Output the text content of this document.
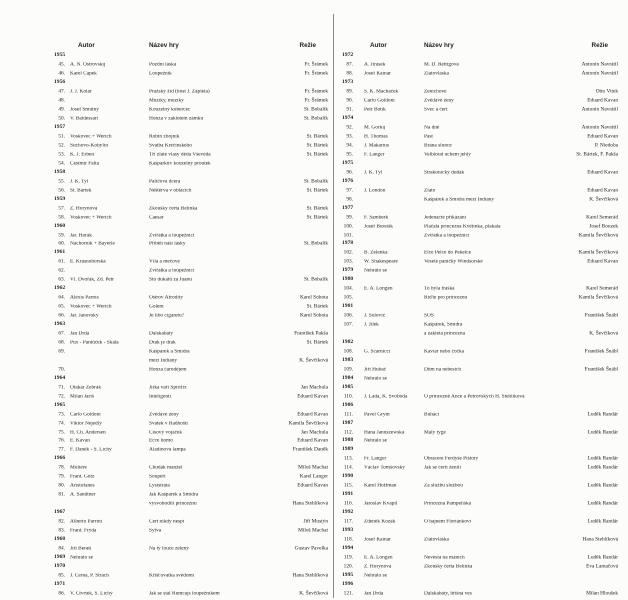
Autor	Název hry	Režie
1955
45. A. N. Ostrovskij	Pozdní láska	Fr. Šrámek
46. Karel Čapek	Loupežník	Fr. Šrámek
1956
47. J. J. Kolár	Pražský žid (host J. Zápleta)	Fr. Šrámek
48.	Muzikу, muziky	Fr. Šrámek
49. Josef Smutný	Kouzelný kobercec	St. Bobalík
50. V. Baldessari	Honza v zakletém zámku	St. Bobalík
1957
51. Voskovec + Werich	Robin zbojník	St. Bártek
52. Suchovo-Kobylin	Svatba Krečinského	St. Bártek
53. K. J. Erben	Tři zlaté vlasy děda Vševěda	St. Bártek
54. Čestmír Falta	Kašpárkův kouzelný proutek
1958
55. J. K. Tyl	Paličova dcera	St. Bobalík
56. St. Bártek	Něštěrva v oblacích	St. Bártek
1959
57. Z. Horynová	Zkoušky čerta Belínka	St. Bártek
58. Voskovec + Werich	Caesar	St. Bártek
1960
59. Jar. Horák	Zvířátka a loupežníci
60. Náchorník + Bayerle	Příběh naší lásky	St. Bobalík
1961
61. E. Krásnohorská	Víla a mečové
62.	Zvířátka a loupežníci
63. Vl. Dvořák, Zd. Petr	Sto dukátů za Juanu	St. Bobalík
1962
64. Alexis Parnis	Ostrov Afrodity	Karel Sobota
65. Voskovec + Werich	Golem	St. Bártek
66. Jar. Janovský	Je libo cigaretu?	Karel Sobota
1963
67. Jan Drda	Dalskabáty	František Pakša
68. Pux - Pantůček - Skála	Drak je drak	St. Bártek
69.	Kašpárek a Šmidra
mezi Indiány	K. Ševčíková
70.	Honza čarodějem
1964
71. Otakar Žebrák	Jirka vaří Špirifix	Jan Machula
72. Milan Jariš	Inteligenti	Eduard Kavan
1965
73. Carlo Goldoni	Zvědavé ženy	Eduard Kavan
74. Viktor Nejedlý	Svatek v Radhošti	Kamila Ševčíková
75. H. Ch. Andersen	Císový vojáček	Jan Machula
76. E. Kavan	Ecce homo	Eduard Kavan
77. F. Daněk - S. Lichý	Aladinova lampa	František Daněk
1966
78. Moliére	Chudák manžel	Miloš Machat
79. Frant. Götz	Soupeři	Karel Langer
80. Aristofanes	Lysistrata	Eduard Kavan
81. A. Sandtner	Jak Kašpárek a Šmidra
vysvobodili princeznu	Hana Stehlíková
1967
82. Alberto Parrini	Čert nikdy nespí	Jiří Mustýn
83. Frant. Frýda	Sylva	Miloš Machat
1968
84. Jiří Beneš	Na tý louce zelený	Gustav Pavelka
1969 Nehrálo se
1970
85. J. Černá, P. Strach	Křišťovatka svědomí	Hana Stehlíková
1971
86. V. Čtvrtek, S. Lichý	Jak se stal Rumcajs loupežníkem	K. Ševčíková
Autor	Název hry	Režie
1972
87. A. Jirásek	M. D. Rettigová	Antonín Navrátil
88. Josef Kainar	Zlatovláska	Antonín Navrátil
1973
89. S. K. Macháček	Ženichové	Otto Vitek
90. Carlo Goldoni	Zvědavé ženy	Eduard Kavan
91. Petr Botík	Švec a čert	Antonín Navrátil
1974
92. M. Gorkij	Na dně	Antonín Navrátil
93. H. Thomas	Past	Eduard Kavan
94. J. Makarius	Brána slunce	P. Niedoba
95. F. Langer	Velbloud uchem jehly	St. Bártek, F. Pakša
1975
96. J. K. Tyl	Strakonický dudák	Eduard Kavan
1976
97. J. London	Zlato	Eduard Kavan
98.	Kašpárek a Šmidra mezi Indiány	K. Ševčíková
1977
99. F. Šamberk	Jedenácté přikázání	Karel Semerád
100. Josef Burešík	Pláčala princezna Květinka, plakala	Josef Bouzek
101.	Zvířátka a loupežníci	Kamila Ševčíková
1978
102. B. Zelenka	Elce Pelce do Pekelce	Kamila Ševčíková
103. W. Shakespeare	Veselé paničky Windsorské	Eduard Kavan
1979 Nehrálo se
1980
104. E. A. Longen	To byla fraška	Karel Semerád
105.	Říďte pro princeznu	Kamila Ševčíková
1981
106. J. Solovič	SOS	František Šnábl
107. J. Jílek	Kašpárek, Šmidra
a zakletá princezna	K. Ševčíková
1982
108. G. Scarnicci	Kaviár nebo čočka	František Šnábl
1983
109. Jiří Hubač	Dům na nebesích	František Šnábl
1984 Nehrálo se
1985
110. J. Lada, K. Svoboda	O princezně Ance a Petrovských H. Stehlíková
1986
111. Pavel Grym	Buháci	Luděk Randár
1987
112. Hana Januszewska	Malý tyge	Luděk Randár
1988 Nehrálo se
1989
113. Fr. Langer	Obrácení Ferdyše Pištory	Luděk Randár
114. Václav Tomšovský	Jak se čerti ženili	Luděk Randár
1990
115. Karel Hoffman	Za službu službou	Luděk Randár
1991
116. Jaroslav Kvapil	Princezna Pampeliška	Luděk Randár
1992
117. Zdeněk Kozák	O hajném Floriánkovi	Luděk Randár
1993
118. Josef Kainar	Zlatovláska	Hana Stehlíková
1994
119. E. A. Longen	Nevěsta na maních	Luděk Randár
120. Z. Horynová	Zkoušky čerta Belínka	Eva Lamačová
1995 Nehrálo se
1996
121. Jan Drda	Dalskabáty, hříšná ves	Milan Hloušek
